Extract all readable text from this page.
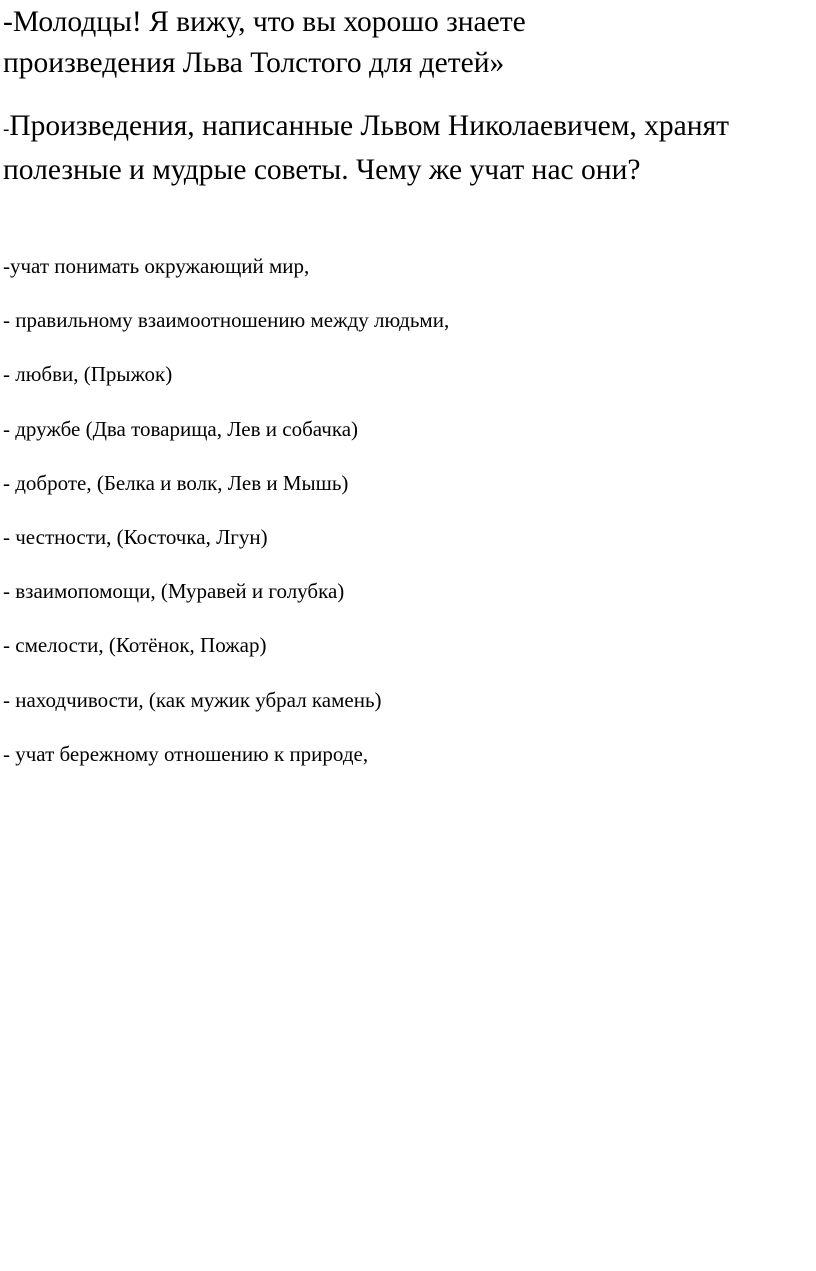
-Молодцы! Я вижу, что вы хорошо знаете
произведения Льва Толстого для детей»

-Произведения, написанные Львом Николаевичем, хранят полезные и мудрые советы. Чему же учат нас они?

-учат понимать окружающий мир,
- правильному взаимоотношению между людьми,
- любви, (Прыжок)
- дружбе (Два товарища, Лев и собачка)
- доброте, (Белка и волк, Лев и Мышь)
- честности, (Косточка, Лгун)
- взаимопомощи, (Муравей и голубка)
- смелости, (Котёнок, Пожар)
- находчивости, (как мужик убрал камень)
- учат бережному отношению к природе,
